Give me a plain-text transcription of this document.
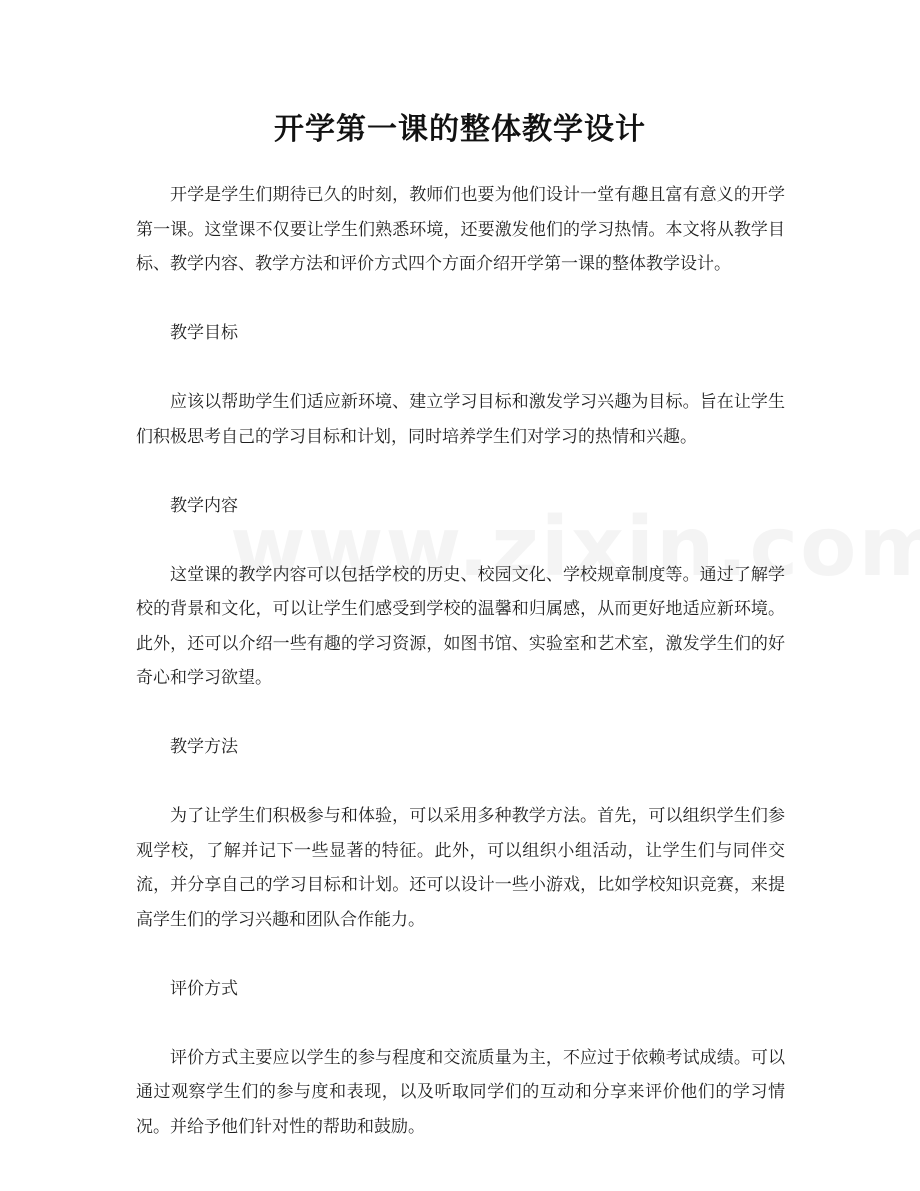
开学第一课的整体教学设计

开学是学生们期待已久的时刻，教师们也要为他们设计一堂有趣且富有意义的开学第一课。这堂课不仅要让学生们熟悉环境，还要激发他们的学习热情。本文将从教学目标、教学内容、教学方法和评价方式四个方面介绍开学第一课的整体教学设计。

教学目标

应该以帮助学生们适应新环境、建立学习目标和激发学习兴趣为目标。旨在让学生们积极思考自己的学习目标和计划，同时培养学生们对学习的热情和兴趣。

教学内容

这堂课的教学内容可以包括学校的历史、校园文化、学校规章制度等。通过了解学校的背景和文化，可以让学生们感受到学校的温馨和归属感，从而更好地适应新环境。此外，还可以介绍一些有趣的学习资源，如图书馆、实验室和艺术室，激发学生们的好奇心和学习欲望。

教学方法

为了让学生们积极参与和体验，可以采用多种教学方法。首先，可以组织学生们参观学校，了解并记下一些显著的特征。此外，可以组织小组活动，让学生们与同伴交流，并分享自己的学习目标和计划。还可以设计一些小游戏，比如学校知识竞赛，来提高学生们的学习兴趣和团队合作能力。

评价方式

评价方式主要应以学生的参与程度和交流质量为主，不应过于依赖考试成绩。可以通过观察学生们的参与度和表现，以及听取同学们的互动和分享来评价他们的学习情况。并给予他们针对性的帮助和鼓励。
